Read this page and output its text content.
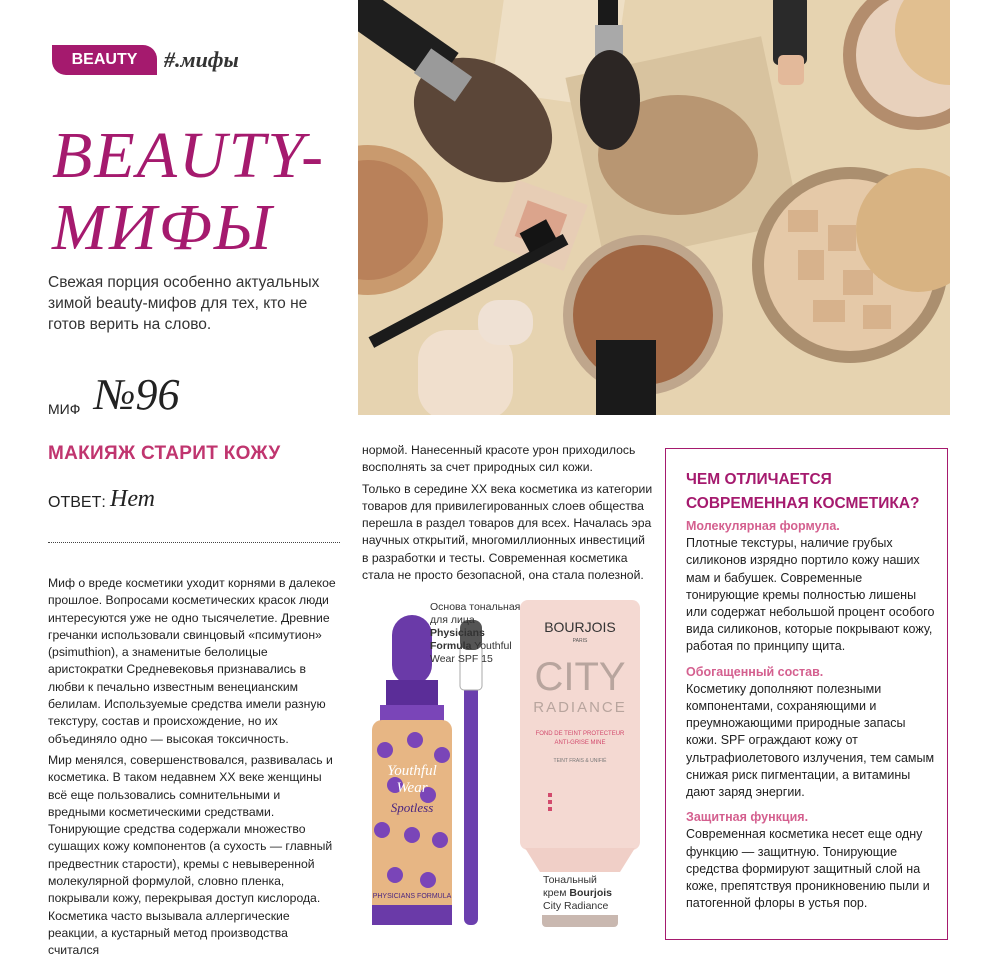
BEAUTY	#.мифы
BEAUTY-
МИФЫ
Свежая порция особенно актуальных зимой beauty-мифов для тех, кто не готов верить на слово.
МИФ №96
МАКИЯЖ СТАРИТ КОЖУ
ОТВЕТ: Нет

Миф о вреде косметики уходит корнями в далекое прошлое. Вопросами косметических красок люди интересуются уже не одно тысячелетие. Древние гречанки использовали свинцовый «псимутион» (psimuthion), а знаменитые белолицые аристократки Средневековья признавались в любви к печально известным венецианским белилам. Используемые средства имели разную текстуру, состав и происхождение, но их объединяло одно — высокая токсичность.

Мир менялся, совершенствовался, развивалась и косметика. В таком недавнем XX веке женщины всё еще пользовались сомнительными и вредными косметическими средствами. Тонирующие средства содержали множество сушащих кожу компонентов (а сухость — главный предвестник старости), кремы с невыверенной молекулярной формулой, словно пленка, покрывали кожу, перекрывая доступ кислорода. Косметика часто вызывала аллергические реакции, а кустарный метод производства считался

нормой. Нанесенный красоте урон приходилось восполнять за счет природных сил кожи.

Только в середине XX века косметика из категории товаров для привилегированных слоев общества перешла в раздел товаров для всех. Началась эра научных открытий, многомиллионных инвестиций в разработки и тесты. Современная косметика стала не просто безопасной, она стала полезной.

Youthful
Wear
Spotless
PHYSICIANS FORMULA
BOURJOIS
PARIS
CITY
RADIANCE
FOND DE TEINT PROTECTEUR
ANTI-GRISE MINE
TEINT FRAIS & UNIFIÉ
Основа тональная для лица Physicians Formula Youthful Wear SPF 15
Тональный крем Bourjois City Radiance
ЧЕМ ОТЛИЧАЕТСЯ СОВРЕМЕННАЯ КОСМЕТИКА?
Молекулярная формула.

Плотные текстуры, наличие грубых силиконов изрядно портило кожу наших мам и бабушек. Современные тонирующие кремы полностью лишены или содержат небольшой процент особого вида силиконов, которые покрывают кожу, работая по принципу щита.

Обогащенный состав.

Косметику дополняют полезными компонентами, сохраняющими и преумножающими природные запасы кожи. SPF ограждают кожу от ультрафиолетового излучения, тем самым снижая риск пигментации, а витамины дают заряд энергии.

Защитная функция.

Современная косметика несет еще одну функцию — защитную. Тонирующие средства формируют защитный слой на коже, препятствуя проникновению пыли и патогенной флоры в устья пор.
